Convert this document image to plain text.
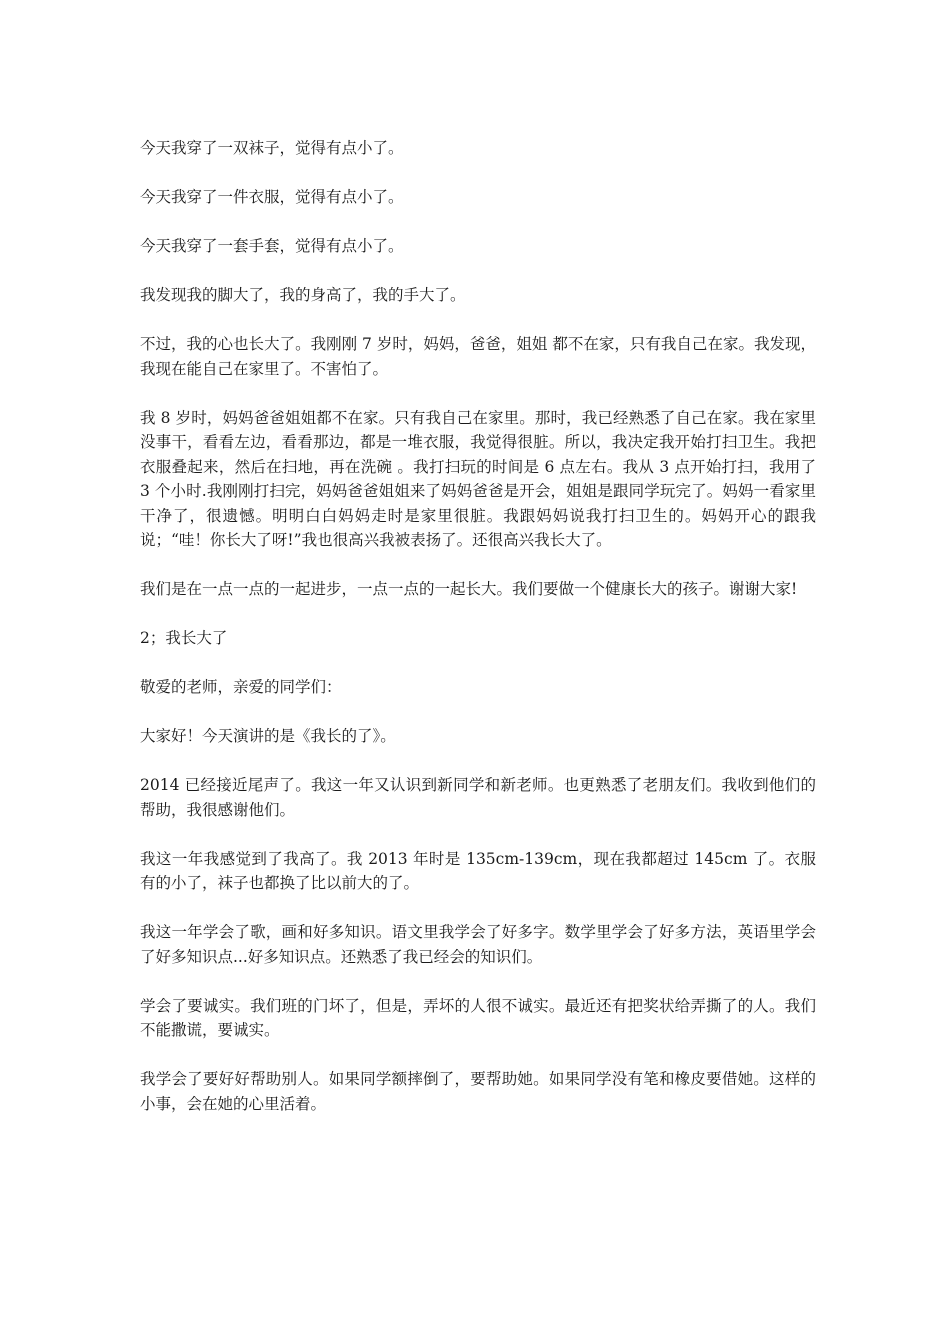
今天我穿了一双袜子，觉得有点小了。

今天我穿了一件衣服，觉得有点小了。

今天我穿了一套手套，觉得有点小了。

我发现我的脚大了，我的身高了，我的手大了。

不过，我的心也长大了。我刚刚 7 岁时，妈妈，爸爸，姐姐 都不在家，只有我自己在家。我发现，我现在能自己在家里了。不害怕了。

我 8 岁时，妈妈爸爸姐姐都不在家。只有我自己在家里。那时，我已经熟悉了自己在家。我在家里没事干，看看左边，看看那边，都是一堆衣服，我觉得很脏。所以，我决定我开始打扫卫生。我把衣服叠起来，然后在扫地，再在洗碗 。我打扫玩的时间是 6 点左右。我从 3 点开始打扫，我用了 3 个小时.我刚刚打扫完，妈妈爸爸姐姐来了妈妈爸爸是开会，姐姐是跟同学玩完了。妈妈一看家里干净了，很遗憾。明明白白妈妈走时是家里很脏。我跟妈妈说我打扫卫生的。妈妈开心的跟我说；“哇！你长大了呀!”我也很高兴我被表扬了。还很高兴我长大了。

我们是在一点一点的一起进步，一点一点的一起长大。我们要做一个健康长大的孩子。谢谢大家!

2；我长大了

敬爱的老师，亲爱的同学们：

大家好！今天演讲的是《我长的了》。

2014 已经接近尾声了。我这一年又认识到新同学和新老师。也更熟悉了老朋友们。我收到他们的帮助，我很感谢他们。

我这一年我感觉到了我高了。我 2013 年时是 135cm-139cm，现在我都超过 145cm 了。衣服有的小了，袜子也都换了比以前大的了。

我这一年学会了歌，画和好多知识。语文里我学会了好多字。数学里学会了好多方法，英语里学会了好多知识点...好多知识点。还熟悉了我已经会的知识们。

学会了要诚实。我们班的门坏了，但是，弄坏的人很不诚实。最近还有把奖状给弄撕了的人。我们不能撒谎，要诚实。

我学会了要好好帮助别人。如果同学额摔倒了，要帮助她。如果同学没有笔和橡皮要借她。这样的小事，会在她的心里活着。
